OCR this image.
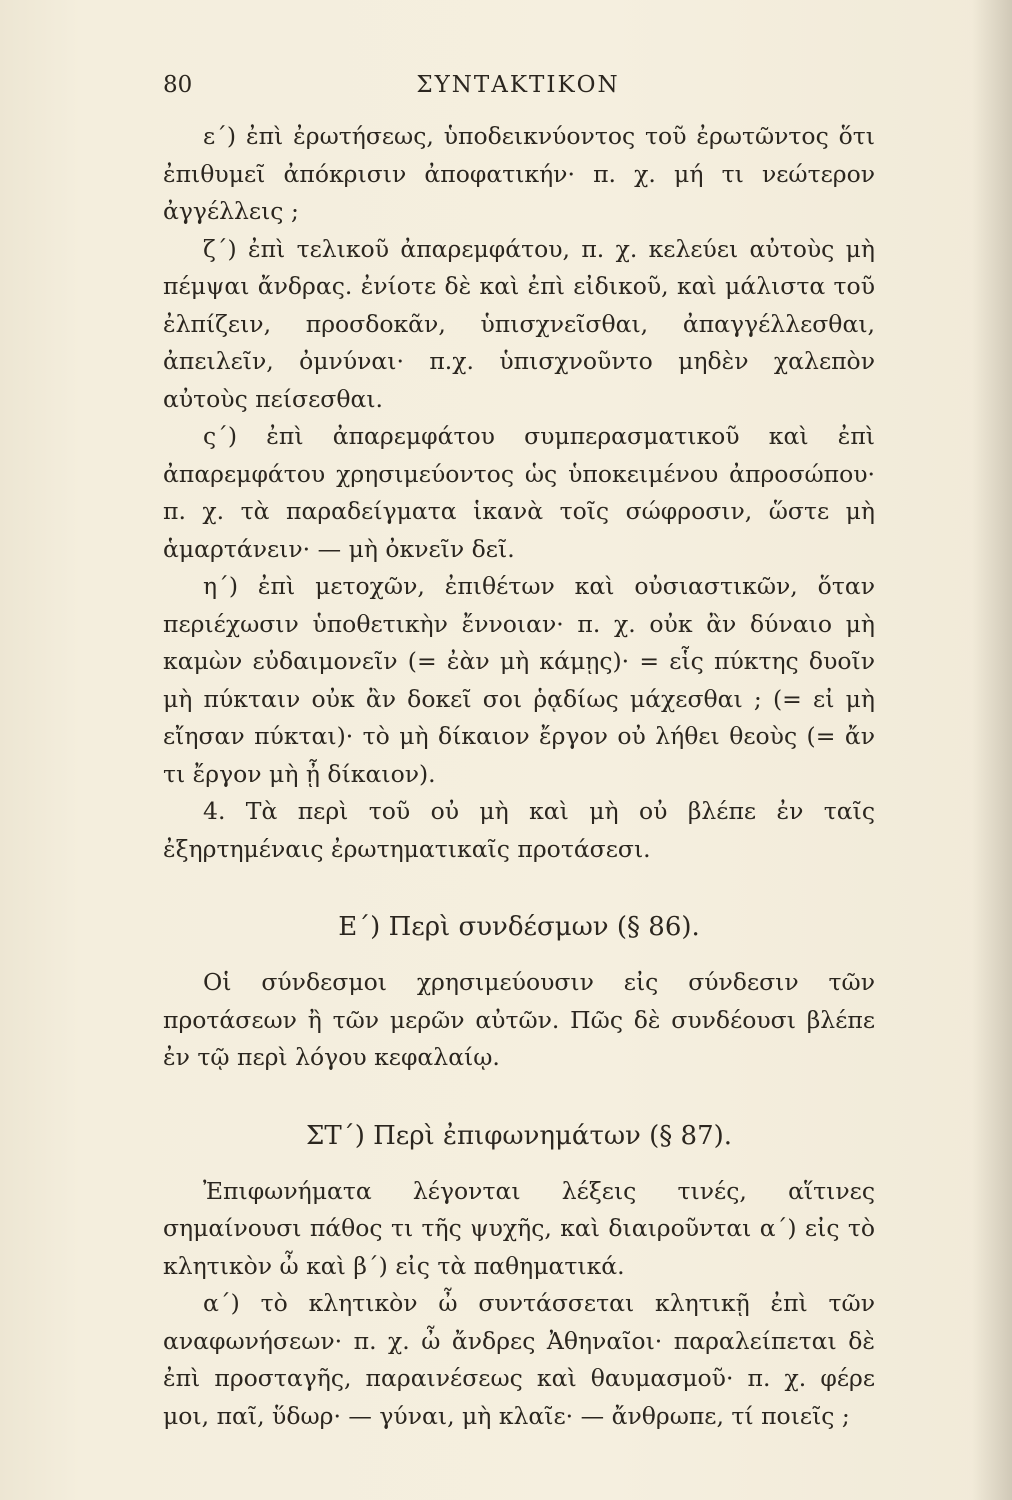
80	ΣΥΝΤΑΚΤΙΚΟΝ

ε΄) ἐπὶ ἐρωτήσεως, ὑποδεικνύοντος τοῦ ἐρωτῶντος ὅτι ἐπιθυμεῖ ἀπόκρισιν ἀποφατικήν· π. χ. μή τι νεώτερον ἀγγέλλεις ;

ζ΄) ἐπὶ τελικοῦ ἀπαρεμφάτου, π. χ. κελεύει αὐτοὺς μὴ πέμψαι ἄνδρας. ἐνίοτε δὲ καὶ ἐπὶ εἰδικοῦ, καὶ μάλιστα τοῦ ἐλπίζειν, προσδοκᾶν, ὑπισχνεῖσθαι, ἀπαγγέλλεσθαι, ἀπειλεῖν, ὀμνύναι· π.χ. ὑπισχνοῦντο μηδὲν χαλεπὸν αὐτοὺς πείσεσθαι.

ς΄) ἐπὶ ἀπαρεμφάτου συμπερασματικοῦ καὶ ἐπὶ ἀπαρεμφάτου χρησιμεύοντος ὡς ὑποκειμένου ἀπροσώπου· π. χ. τὰ παραδείγματα ἱκανὰ τοῖς σώφροσιν, ὥστε μὴ ἁμαρτάνειν· — μὴ ὀκνεῖν δεῖ.

η΄) ἐπὶ μετοχῶν, ἐπιθέτων καὶ οὐσιαστικῶν, ὅταν περιέχωσιν ὑποθετικὴν ἔννοιαν· π. χ. οὐκ ἂν δύναιο μὴ καμὼν εὐδαιμονεῖν (= ἐὰν μὴ κάμῃς)· = εἷς πύκτης δυοῖν μὴ πύκταιν οὐκ ἂν δοκεῖ σοι ῥᾳδίως μάχεσθαι ; (= εἰ μὴ εἴησαν πύκται)· τὸ μὴ δίκαιον ἔργον οὐ λήθει θεοὺς (= ἄν τι ἔργον μὴ ᾖ δίκαιον).

4. Τὰ περὶ τοῦ οὐ μὴ καὶ μὴ οὐ βλέπε ἐν ταῖς ἐξηρτημέναις ἐρωτηματικαῖς προτάσεσι.

Ε΄) Περὶ συνδέσμων (§ 86).

Οἱ σύνδεσμοι χρησιμεύουσιν εἰς σύνδεσιν τῶν προτάσεων ἢ τῶν μερῶν αὐτῶν. Πῶς δὲ συνδέουσι βλέπε ἐν τῷ περὶ λόγου κεφαλαίῳ.

ΣΤ΄) Περὶ ἐπιφωνημάτων (§ 87).

Ἐπιφωνήματα λέγονται λέξεις τινές, αἵτινες σημαίνουσι πάθος τι τῆς ψυχῆς, καὶ διαιροῦνται α΄) εἰς τὸ κλητικὸν ὦ καὶ β΄) εἰς τὰ παθηματικά.

α΄) τὸ κλητικὸν ὦ συντάσσεται κλητικῇ ἐπὶ τῶν αναφωνήσεων· π. χ. ὦ ἄνδρες Ἀθηναῖοι· παραλείπεται δὲ ἐπὶ προσταγῆς, παραινέσεως καὶ θαυμασμοῦ· π. χ. φέρε μοι, παῖ, ὕδωρ· — γύναι, μὴ κλαῖε· — ἄνθρωπε, τί ποιεῖς ;
